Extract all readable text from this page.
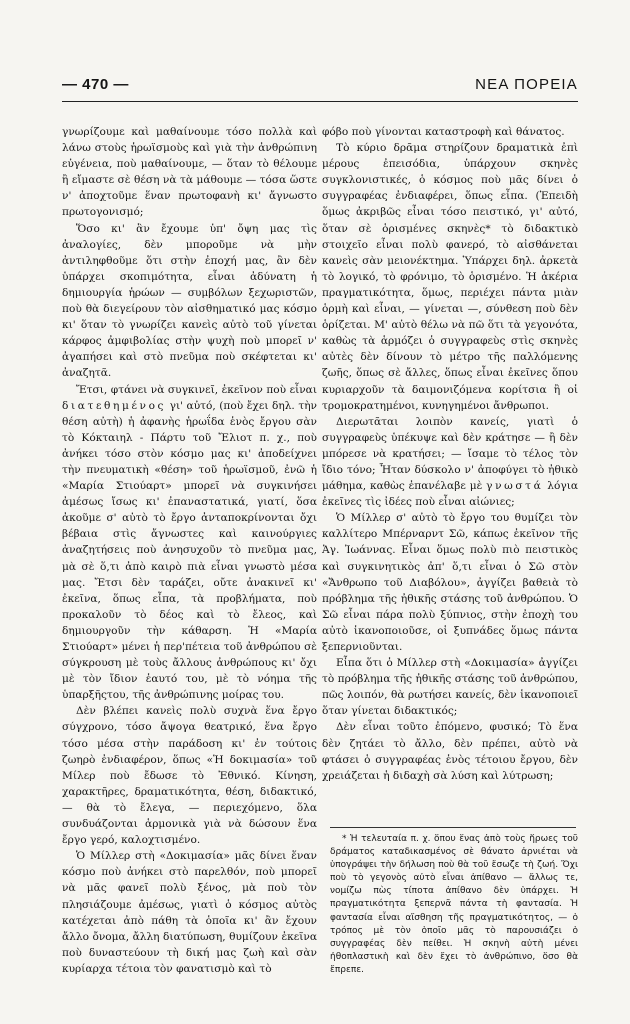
— 470 —	ΝΕΑ ΠΟΡΕΙΑ

γνωρίζουμε καὶ μαθαίνουμε τόσο πολλὰ καὶ λάνω στοὺς ἡρωϊσμοὺς καὶ γιὰ τὴν ἀνθρώπινη εὐγένεια, ποὺ μαθαίνουμε, — ὅταν τὸ θέλουμε ἢ εἴμαστε σὲ θέση νὰ τὰ μάθουμε — τόσα ὥστε ν' ἀποχτοῦμε ἕναν πρωτοφανὴ κι' ἄγνωστο πρωτογονισμό;

Ὅσο κι' ἂν ἔχουμε ὑπ' ὄψη μας τὶς ἀναλογίες, δὲν μποροῦμε νὰ μὴν ἀντιληφθοῦμε ὅτι στὴν ἐποχή μας, ἂν δὲν ὑπάρχει σκοπιμότητα, εἶναι ἀδύνατη ἡ δημιουργία ἡρώων — συμβόλων ξεχωριστῶν, ποὺ θὰ διεγείρουν τὸν αἰσθηματικό μας κόσμο κι' ὅταν τὸ γνωρίζει κανεὶς αὐτὸ τοῦ γίνεται κάρφος ἀμφιβολίας στὴν ψυχὴ ποὺ μπορεῖ ν' ἀγαπήσει καὶ στὸ πνεῦμα ποὺ σκέφτεται κι' ἀναζητᾶ.

Ἔτσι, φτάνει νὰ συγκινεῖ, ἐκεῖνον ποὺ εἶναι διατεθημένος γι' αὐτό, (ποὺ ἔχει δηλ. τὴν θέση αὐτὴ) ἡ ἀφανὴς ἡρωΐδα ἑνὸς ἔργου σὰν τὸ Κόκταιηλ - Πάρτυ τοῦ Ἔλιοτ π. χ., ποὺ ἀνήκει τόσο στὸν κόσμο μας κι' ἀποδείχνει τὴν πνευματικὴ «θέση» τοῦ ἡρωϊσμοῦ, ἐνῶ ἡ «Μαρία Στιούαρτ» μπορεῖ νὰ συγκινήσει ἀμέσως ἴσως κι' ἐπαναστατικά, γιατί, ὅσα ἀκοῦμε σ' αὐτὸ τὸ ἔργο ἀνταποκρίνονται ὄχι βέβαια στὶς ἄγνωστες καὶ καινούργιες ἀναζητήσεις ποὺ ἀνησυχοῦν τὸ πνεῦμα μας, μὰ σὲ ὅ,τι ἀπὸ καιρὸ πιὰ εἶναι γνωστὸ μέσα μας. Ἔτσι δὲν ταράζει, οὔτε ἀνακινεῖ κι' ἐκεῖνα, ὅπως εἶπα, τὰ προβλήματα, ποὺ προκαλοῦν τὸ δέος καὶ τὸ ἔλεος, καὶ δημιουργοῦν τὴν κάθαρση. Ἡ «Μαρία Στιούαρτ» μένει ἡ περ'πέτεια τοῦ ἀνθρώπου σὲ σύγκρουση μὲ τοὺς ἄλλους ἀνθρώπους κι' ὄχι μὲ τὸν ἴδιον ἑαυτό του, μὲ τὸ νόημα τῆς ὑπαρξῆςτου, τῆς ἀνθρώπινης μοίρας του.

Δὲν βλέπει κανεὶς πολὺ συχνὰ ἕνα ἔργο σύγχρονο, τόσο ἄψογα θεατρικό, ἕνα ἔργο τόσο μέσα στὴν παράδοση κι' ἐν τούτοις ζωηρὸ ἐνδιαφέρον, ὅπως «Ἡ δοκιμασία» τοῦ Μίλερ ποὺ ἔδωσε τὸ Ἐθνικό. Κίνηση, χαρακτῆρες, δραματικότητα, θέση, διδακτικό, — θὰ τὸ ἔλεγα, — περιεχόμενο, ὅλα συνδυάζονται ἁρμονικὰ γιὰ νὰ δώσουν ἕνα ἔργο γερό, καλοχτισμένο.

Ὁ Μίλλερ στὴ «Δοκιμασία» μᾶς δίνει ἕναν κόσμο ποὺ ἀνήκει στὸ παρελθόν, ποὺ μπορεῖ νὰ μᾶς φανεῖ πολὺ ξένος, μὰ ποὺ τὸν πλησιάζουμε ἀμέσως, γιατὶ ὁ κόσμος αὐτὸς κατέχεται ἀπὸ πάθη τὰ ὁποῖα κι' ἂν ἔχουν ἄλλο ὄνομα, ἄλλη διατύπωση, θυμίζουν ἐκεῖνα ποὺ δυναστεύουν τὴ δική μας ζωὴ καὶ σὰν κυρίαρχα τέτοια τὸν φανατισμὸ καὶ τὸ

φόβο ποὺ γίνονται καταστροφὴ καὶ θάνατος.

Τὸ κύριο δρᾶμα στηρίζουν δραματικὰ ἐπὶ μέρους ἐπεισόδια, ὑπάρχουν σκηνὲς συγκλονιστικές, ὁ κόσμος ποὺ μᾶς δίνει ὁ συγγραφέας ἐνδιαφέρει, ὅπως εἶπα. (Ἐπειδὴ ὅμως ἀκριβῶς εἶναι τόσο πειστικό, γι' αὐτό, ὅταν σὲ ὁρισμένες σκηνὲς* τὸ διδακτικὸ στοιχεῖο εἶναι πολὺ φανερό, τὸ αἰσθάνεται κανεὶς σὰν μειονέκτημα. Ὑπάρχει δηλ. ἀρκετὰ τὸ λογικό, τὸ φρόνιμο, τὸ ὁρισμένο. Ἡ ἀκέρια πραγματικότητα, ὅμως, περιέχει πάντα μιὰν ὁρμὴ καὶ εἶναι, — γίνεται —, σύνθεση ποὺ δὲν ὁρίζεται. Μ' αὐτὸ θέλω νὰ πῶ ὅτι τὰ γεγονότα, καθὼς τὰ ἁρμόζει ὁ συγγραφεὺς στὶς σκηνὲς αὐτὲς δὲν δίνουν τὸ μέτρο τῆς παλλόμενης ζωῆς, ὅπως σὲ ἄλλες, ὅπως εἶναι ἐκεῖνες ὅπου κυριαρχοῦν τὰ δαιμονιζόμενα κορίτσια ἢ οἱ τρομοκρατημένοι, κυνηγημένοι ἄνθρωποι.

Διερωτᾶται λοιπὸν κανείς, γιατὶ ὁ συγγραφεὺς ὑπέκυψε καὶ δὲν κράτησε — ἢ δὲν μπόρεσε νὰ κρατήσει; — ἴσαμε τὸ τέλος τὸν ἴδιο τόνο; Ἦταν δύσκολο ν' ἀποφύγει τὸ ἠθικὸ μάθημα, καθὼς ἐπανέλαβε μὲ γνωστά λόγια ἐκεῖνες τὶς ἰδέες ποὺ εἶναι αἰώνιες;

Ὁ Μίλλερ σ' αὐτὸ τὸ ἔργο του θυμίζει τὸν καλλίτερο Μπέρναρντ Σῶ, κάπως ἐκεῖνον τῆς Ἁγ. Ἰωάννας. Εἶναι ὅμως πολὺ πιὸ πειστικὸς καὶ συγκινητικὸς ἀπ' ὅ,τι εἶναι ὁ Σῶ στὸν «Ἄνθρωπο τοῦ Διαβόλου», ἀγγίζει βαθειὰ τὸ πρόβλημα τῆς ἠθικῆς στάσης τοῦ ἀνθρώπου. Ὁ Σῶ εἶναι πάρα πολὺ ξύπνιος, στὴν ἐποχὴ του αὐτὸ ἱκανοποιοῦσε, οἱ ξυπνάδες ὅμως πάντα ξεπερνιοῦνται.

Εἶπα ὅτι ὁ Μίλλερ στὴ «Δοκιμασία» ἀγγίζει τὸ πρόβλημα τῆς ἠθικῆς στάσης τοῦ ἀνθρώπου, πῶς λοιπόν, θὰ ρωτήσει κανείς, δὲν ἱκανοποιεῖ ὅταν γίνεται διδακτικός;

Δὲν εἶναι τοῦτο ἐπόμενο, φυσικό; Τὸ ἕνα δὲν ζητάει τὸ ἄλλο, δὲν πρέπει, αὐτὸ νὰ φτάσει ὁ συγγραφέας ἑνὸς τέτοιου ἔργου, δὲν χρειάζεται ἡ διδαχὴ σὰ λύση καὶ λύτρωση;

* Ἡ τελευταία π. χ. ὅπου ἕνας ἀπὸ τοὺς ἥρωες τοῦ δράματος καταδικασμένος σὲ θάνατο ἀρνιέται νὰ ὑπογράψει τὴν δήλωση ποὺ θὰ τοῦ ἔσωζε τὴ ζωή. Ὄχι ποὺ τὸ γεγονὸς αὐτὸ εἶναι ἀπίθανο — ἄλλως τε, νομίζω πὼς τίποτα ἀπίθανο δὲν ὑπάρχει. Ἡ πραγματικότητα ξεπερνᾶ πάντα τὴ φαντασία. Ἡ φαντασία εἶναι αἴσθηση τῆς πραγματικότητος, — ὁ τρόπος μὲ τὸν ὁποῖο μᾶς τὸ παρουσιάζει ὁ συγγραφέας δὲν πείθει. Ἡ σκηνὴ αὐτὴ μένει ἠθοπλαστικὴ καὶ δὲν ἔχει τὸ ἀνθρώπινο, ὅσο θὰ ἔπρεπε.
